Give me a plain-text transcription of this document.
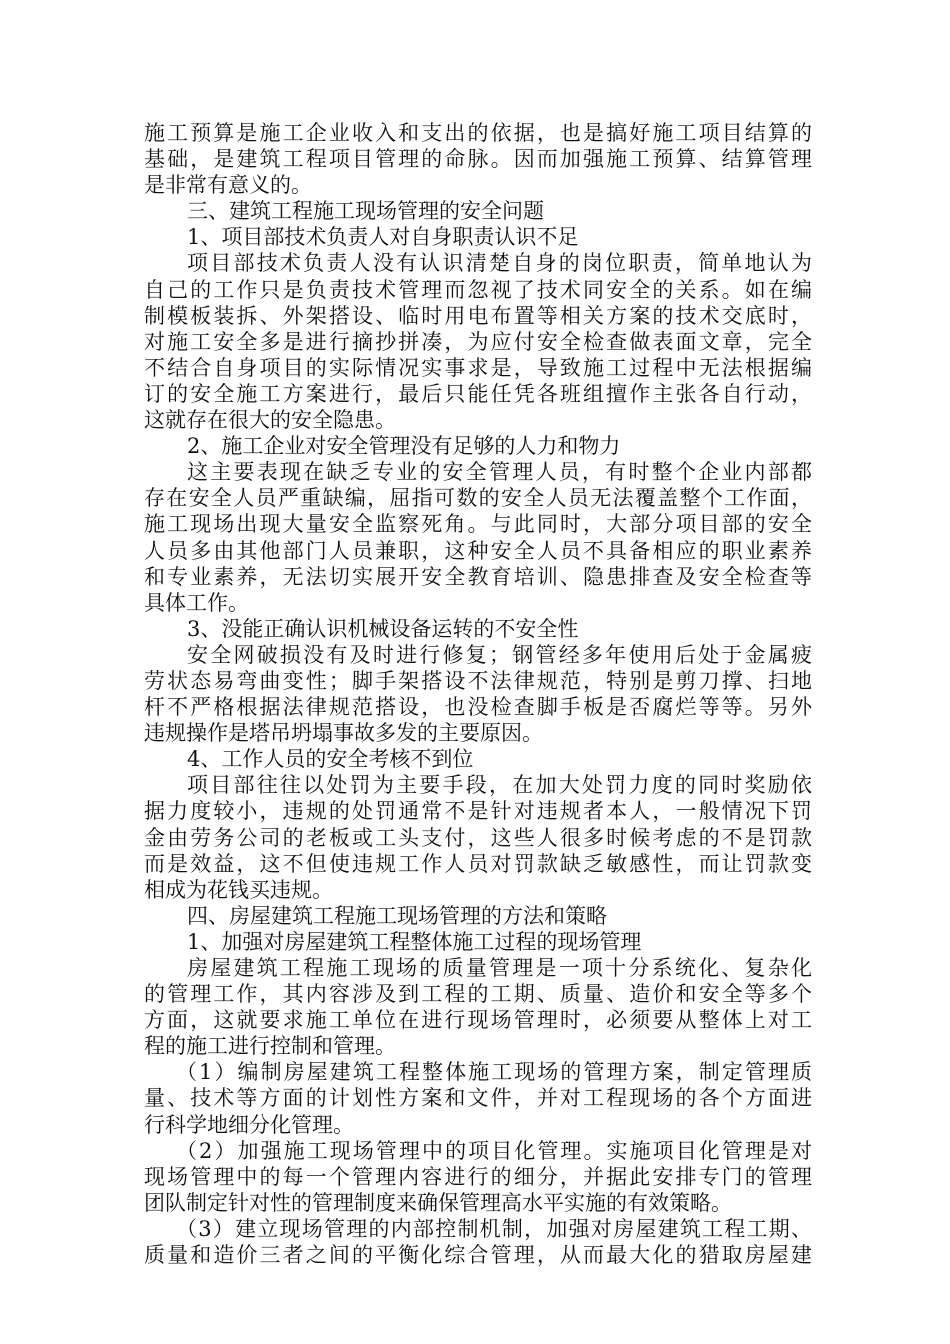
施工预算是施工企业收入和支出的依据，也是搞好施工项目结算的
基础，是建筑工程项目管理的命脉。因而加强施工预算、结算管理
是非常有意义的。
三、建筑工程施工现场管理的安全问题
1、项目部技术负责人对自身职责认识不足
项目部技术负责人没有认识清楚自身的岗位职责，简单地认为
自己的工作只是负责技术管理而忽视了技术同安全的关系。如在编
制模板装拆、外架搭设、临时用电布置等相关方案的技术交底时，
对施工安全多是进行摘抄拼凑，为应付安全检查做表面文章，完全
不结合自身项目的实际情况实事求是，导致施工过程中无法根据编
订的安全施工方案进行，最后只能任凭各班组擅作主张各自行动，
这就存在很大的安全隐患。
2、施工企业对安全管理没有足够的人力和物力
这主要表现在缺乏专业的安全管理人员，有时整个企业内部都
存在安全人员严重缺编，屈指可数的安全人员无法覆盖整个工作面，
施工现场出现大量安全监察死角。与此同时，大部分项目部的安全
人员多由其他部门人员兼职，这种安全人员不具备相应的职业素养
和专业素养，无法切实展开安全教育培训、隐患排查及安全检查等
具体工作。
3、没能正确认识机械设备运转的不安全性
安全网破损没有及时进行修复；钢管经多年使用后处于金属疲
劳状态易弯曲变性；脚手架搭设不法律规范，特别是剪刀撑、扫地
杆不严格根据法律规范搭设，也没检查脚手板是否腐烂等等。另外
违规操作是塔吊坍塌事故多发的主要原因。
4、工作人员的安全考核不到位
项目部往往以处罚为主要手段，在加大处罚力度的同时奖励依
据力度较小，违规的处罚通常不是针对违规者本人，一般情况下罚
金由劳务公司的老板或工头支付，这些人很多时候考虑的不是罚款
而是效益，这不但使违规工作人员对罚款缺乏敏感性，而让罚款变
相成为花钱买违规。
四、房屋建筑工程施工现场管理的方法和策略
1、加强对房屋建筑工程整体施工过程的现场管理
房屋建筑工程施工现场的质量管理是一项十分系统化、复杂化
的管理工作，其内容涉及到工程的工期、质量、造价和安全等多个
方面，这就要求施工单位在进行现场管理时，必须要从整体上对工
程的施工进行控制和管理。
（1）编制房屋建筑工程整体施工现场的管理方案，制定管理质
量、技术等方面的计划性方案和文件，并对工程现场的各个方面进
行科学地细分化管理。
（2）加强施工现场管理中的项目化管理。实施项目化管理是对
现场管理中的每一个管理内容进行的细分，并据此安排专门的管理
团队制定针对性的管理制度来确保管理高水平实施的有效策略。
（3）建立现场管理的内部控制机制，加强对房屋建筑工程工期、
质量和造价三者之间的平衡化综合管理，从而最大化的猎取房屋建
